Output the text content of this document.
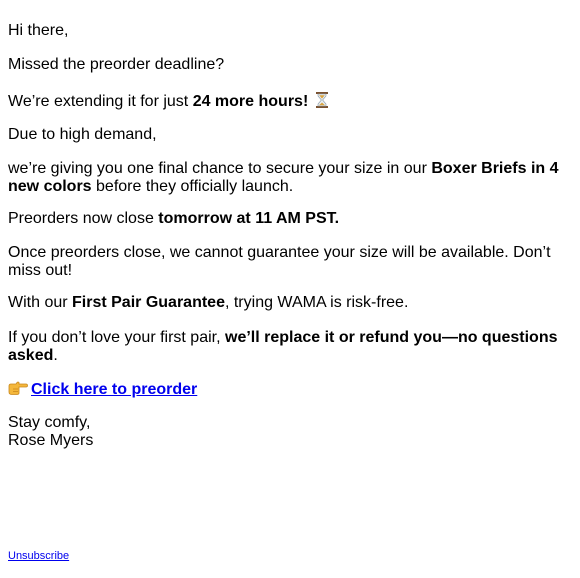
Hi there,

Missed the preorder deadline?

We’re extending it for just 24 more hours!

Due to high demand,

we’re giving you one final chance to secure your size in our Boxer Briefs in 4 new colors before they officially launch.

Preorders now close tomorrow at 11 AM PST.

Once preorders close, we cannot guarantee your size will be available. Don’t miss out!

With our First Pair Guarantee, trying WAMA is risk-free.

If you don’t love your first pair, we’ll replace it or refund you—no questions asked.

Click here to preorder

Stay comfy,

Rose Myers

Unsubscribe
